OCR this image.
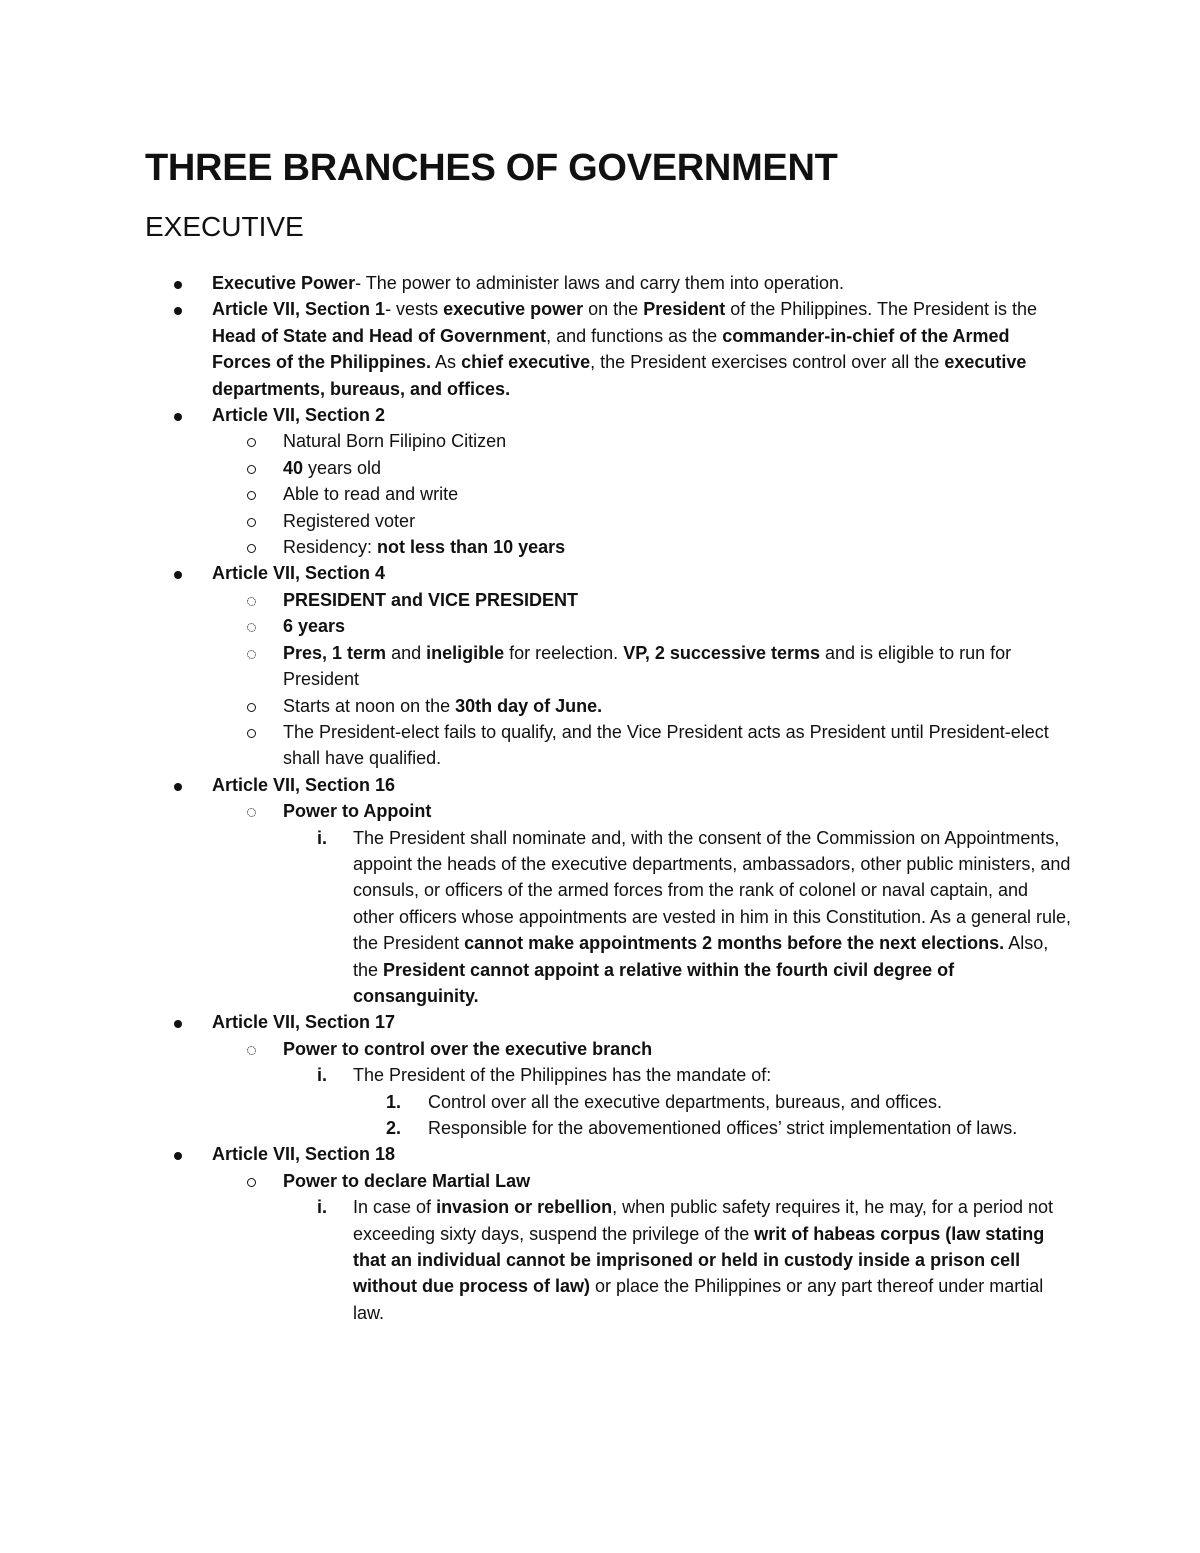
THREE BRANCHES OF GOVERNMENT
EXECUTIVE
Executive Power- The power to administer laws and carry them into operation.
Article VII, Section 1- vests executive power on the President of the Philippines. The President is the Head of State and Head of Government, and functions as the commander-in-chief of the Armed Forces of the Philippines. As chief executive, the President exercises control over all the executive departments, bureaus, and offices.
Article VII, Section 2
Natural Born Filipino Citizen
40 years old
Able to read and write
Registered voter
Residency: not less than 10 years
Article VII, Section 4
PRESIDENT and VICE PRESIDENT
6 years
Pres, 1 term and ineligible for reelection. VP, 2 successive terms and is eligible to run for President
Starts at noon on the 30th day of June.
The President-elect fails to qualify, and the Vice President acts as President until President-elect shall have qualified.
Article VII, Section 16
Power to Appoint
i. The President shall nominate and, with the consent of the Commission on Appointments, appoint the heads of the executive departments, ambassadors, other public ministers, and consuls, or officers of the armed forces from the rank of colonel or naval captain, and other officers whose appointments are vested in him in this Constitution. As a general rule, the President cannot make appointments 2 months before the next elections. Also, the President cannot appoint a relative within the fourth civil degree of consanguinity.
Article VII, Section 17
Power to control over the executive branch
i. The President of the Philippines has the mandate of:
1. Control over all the executive departments, bureaus, and offices.
2. Responsible for the abovementioned offices’ strict implementation of laws.
Article VII, Section 18
Power to declare Martial Law
i. In case of invasion or rebellion, when public safety requires it, he may, for a period not exceeding sixty days, suspend the privilege of the writ of habeas corpus (law stating that an individual cannot be imprisoned or held in custody inside a prison cell without due process of law) or place the Philippines or any part thereof under martial law.
